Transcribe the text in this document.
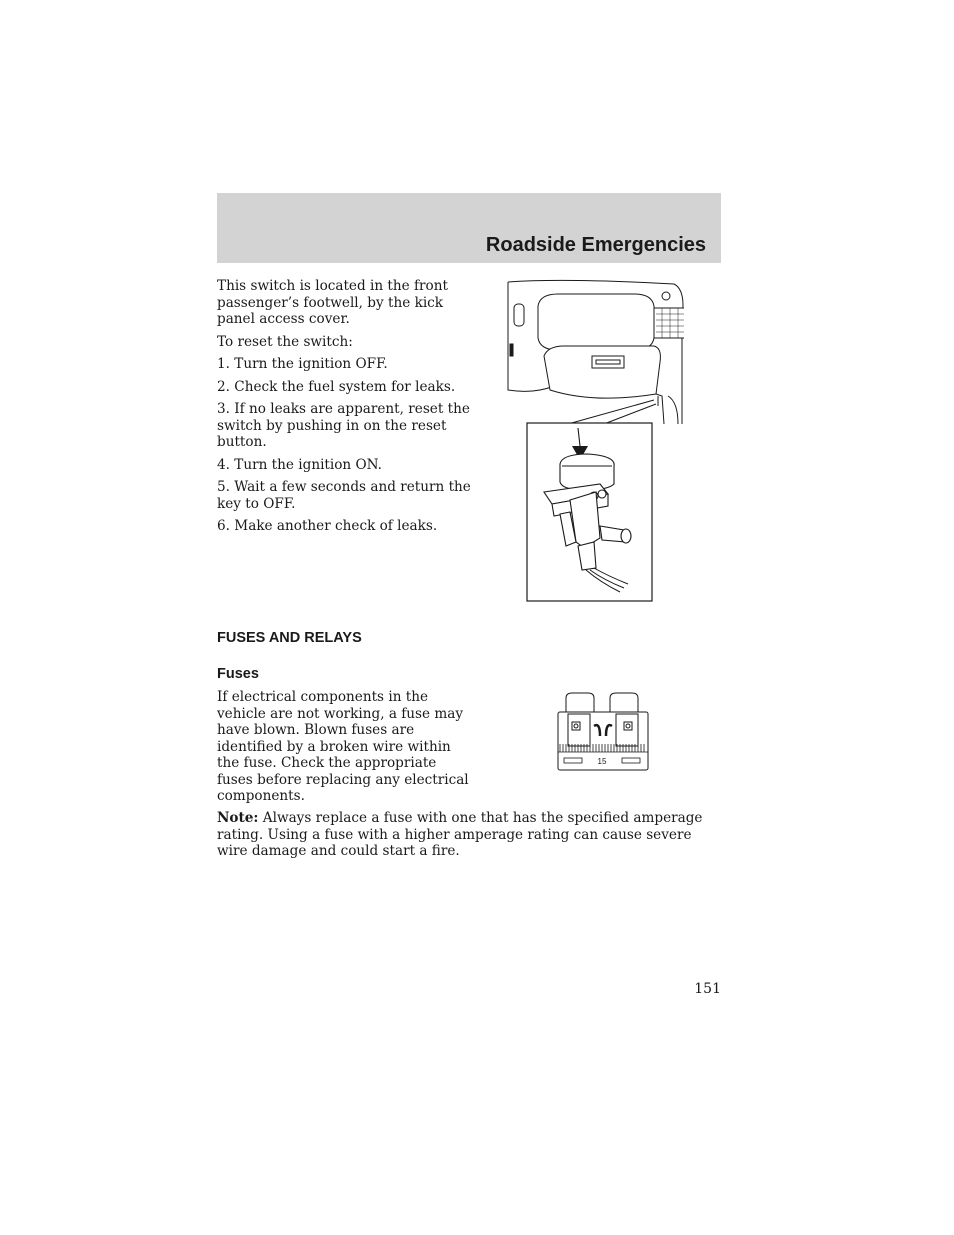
Roadside Emergencies

This switch is located in the front passenger’s footwell, by the kick panel access cover.

To reset the switch:

1. Turn the ignition OFF.

2. Check the fuel system for leaks.

3. If no leaks are apparent, reset the switch by pushing in on the reset button.

4. Turn the ignition ON.

5. Wait a few seconds and return the key to OFF.

6. Make another check of leaks.

FUSES AND RELAYS
Fuses

If electrical components in the vehicle are not working, a fuse may have blown. Blown fuses are identified by a broken wire within the fuse. Check the appropriate fuses before replacing any electrical components.

15

Note: Always replace a fuse with one that has the specified amperage rating. Using a fuse with a higher amperage rating can cause severe wire damage and could start a fire.

151
